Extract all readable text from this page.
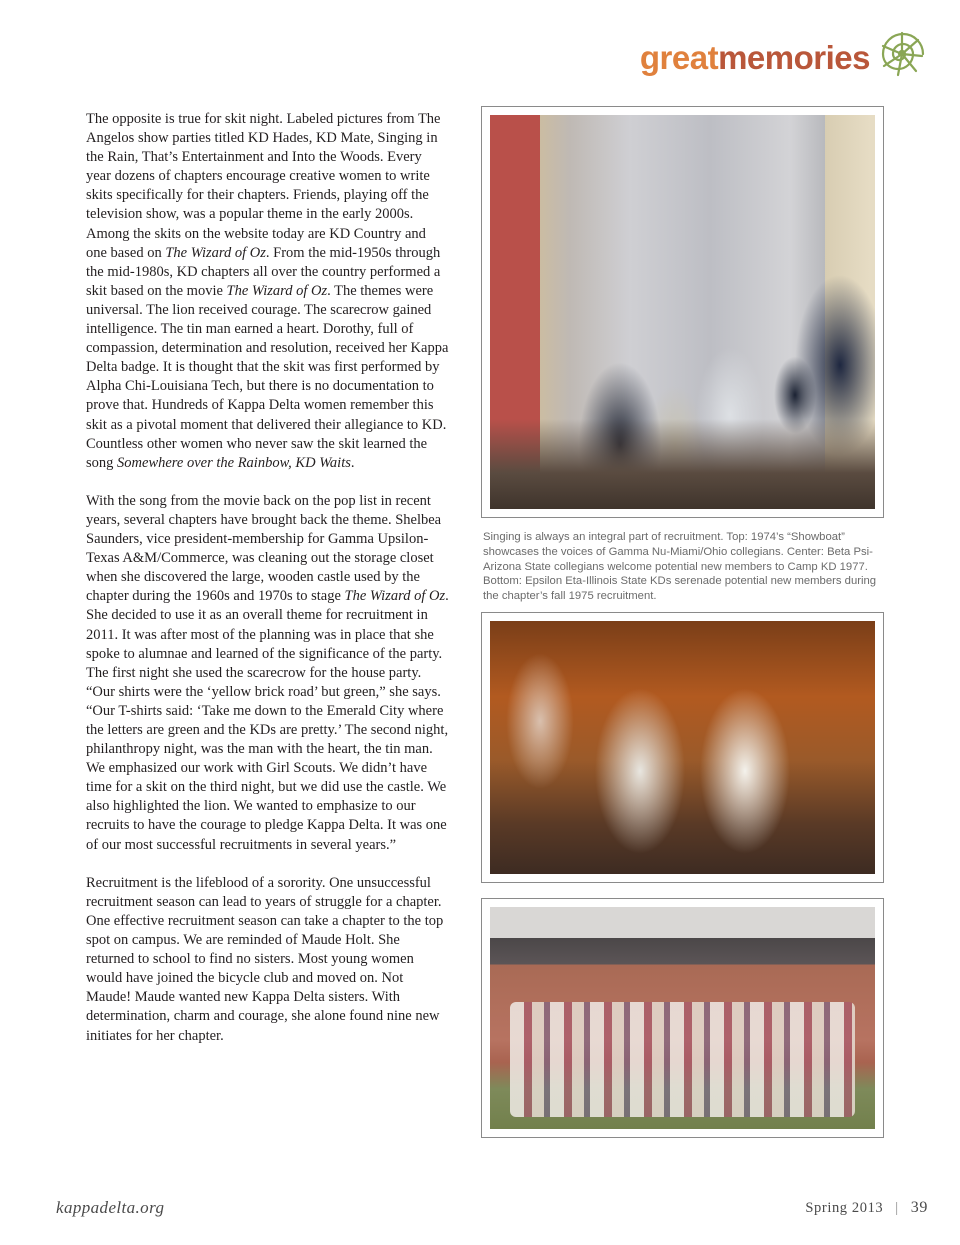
greatmemories

The opposite is true for skit night. Labeled pictures from The Angelos show parties titled KD Hades, KD Mate, Singing in the Rain, That’s Entertainment and Into the Woods. Every year dozens of chapters encourage creative women to write skits specifically for their chapters. Friends, playing off the television show, was a popular theme in the early 2000s. Among the skits on the website today are KD Country and one based on The Wizard of Oz. From the mid-1950s through the mid-1980s, KD chapters all over the country performed a skit based on the movie The Wizard of Oz. The themes were universal. The lion received courage. The scarecrow gained intelligence. The tin man earned a heart. Dorothy, full of compassion, determination and resolution, received her Kappa Delta badge. It is thought that the skit was first performed by Alpha Chi-Louisiana Tech, but there is no documentation to prove that. Hundreds of Kappa Delta women remember this skit as a pivotal moment that delivered their allegiance to KD. Countless other women who never saw the skit learned the song Somewhere over the Rainbow, KD Waits.

With the song from the movie back on the pop list in recent years, several chapters have brought back the theme. Shelbea Saunders, vice president-membership for Gamma Upsilon-Texas A&M/Commerce, was cleaning out the storage closet when she discovered the large, wooden castle used by the chapter during the 1960s and 1970s to stage The Wizard of Oz. She decided to use it as an overall theme for recruitment in 2011. It was after most of the planning was in place that she spoke to alumnae and learned of the significance of the party. The first night she used the scarecrow for the house party. “Our shirts were the ‘yellow brick road’ but green,” she says. “Our T-shirts said: ‘Take me down to the Emerald City where the letters are green and the KDs are pretty.’ The second night, philanthropy night, was the man with the heart, the tin man. We emphasized our work with Girl Scouts. We didn’t have time for a skit on the third night, but we did use the castle. We also highlighted the lion. We wanted to emphasize to our recruits to have the courage to pledge Kappa Delta. It was one of our most successful recruitments in several years.”

Recruitment is the lifeblood of a sorority. One unsuccessful recruitment season can lead to years of struggle for a chapter. One effective recruitment season can take a chapter to the top spot on campus. We are reminded of Maude Holt. She returned to school to find no sisters. Most young women would have joined the bicycle club and moved on. Not Maude! Maude wanted new Kappa Delta sisters. With determination, charm and courage, she alone found nine new initiates for her chapter.

Singing is always an integral part of recruitment. Top: 1974’s “Showboat” showcases the voices of Gamma Nu-Miami/Ohio collegians. Center: Beta Psi-Arizona State collegians welcome potential new members to Camp KD 1977. Bottom: Epsilon Eta-Illinois State KDs serenade potential new members during the chapter’s fall 1975 recruitment.
kappadelta.org	Spring 2013 | 39
